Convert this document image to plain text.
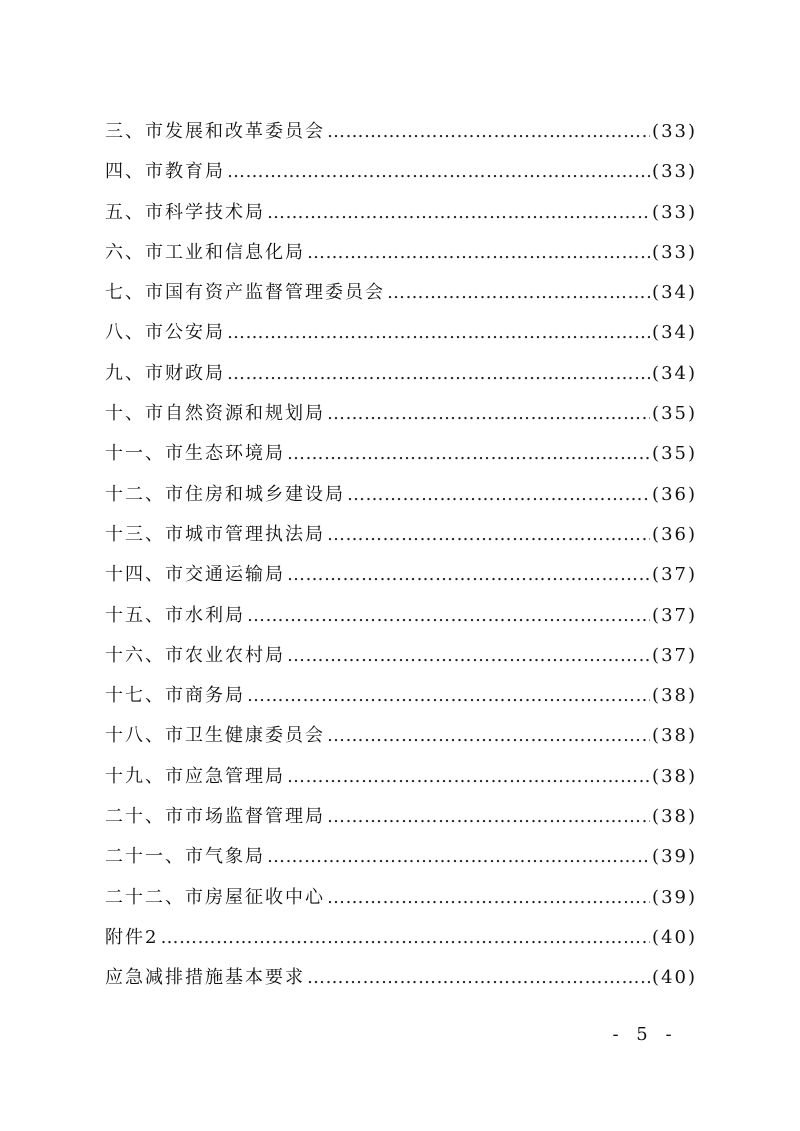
三、市发展和改革委员会 ……………………………………………………………………………………………………………………………………………………………………	(33)
四、市教育局 ……………………………………………………………………………………………………………………………………………………………………	(33)
五、市科学技术局 ……………………………………………………………………………………………………………………………………………………………………	(33)
六、市工业和信息化局 ……………………………………………………………………………………………………………………………………………………………………	(33)
七、市国有资产监督管理委员会 ……………………………………………………………………………………………………………………………………………………………………	(34)
八、市公安局 ……………………………………………………………………………………………………………………………………………………………………	(34)
九、市财政局 ……………………………………………………………………………………………………………………………………………………………………	(34)
十、市自然资源和规划局 ……………………………………………………………………………………………………………………………………………………………………	(35)
十一、市生态环境局 ……………………………………………………………………………………………………………………………………………………………………	(35)
十二、市住房和城乡建设局 ……………………………………………………………………………………………………………………………………………………………………	(36)
十三、市城市管理执法局 ……………………………………………………………………………………………………………………………………………………………………	(36)
十四、市交通运输局 ……………………………………………………………………………………………………………………………………………………………………	(37)
十五、市水利局 ……………………………………………………………………………………………………………………………………………………………………	(37)
十六、市农业农村局 ……………………………………………………………………………………………………………………………………………………………………	(37)
十七、市商务局 ……………………………………………………………………………………………………………………………………………………………………	(38)
十八、市卫生健康委员会 ……………………………………………………………………………………………………………………………………………………………………	(38)
十九、市应急管理局 ……………………………………………………………………………………………………………………………………………………………………	(38)
二十、市市场监督管理局 ……………………………………………………………………………………………………………………………………………………………………	(38)
二十一、市气象局 ……………………………………………………………………………………………………………………………………………………………………	(39)
二十二、市房屋征收中心 ……………………………………………………………………………………………………………………………………………………………………	(39)
附件2 ……………………………………………………………………………………………………………………………………………………………………	(40)
应急减排措施基本要求 ……………………………………………………………………………………………………………………………………………………………………	(40)
- 5 -
